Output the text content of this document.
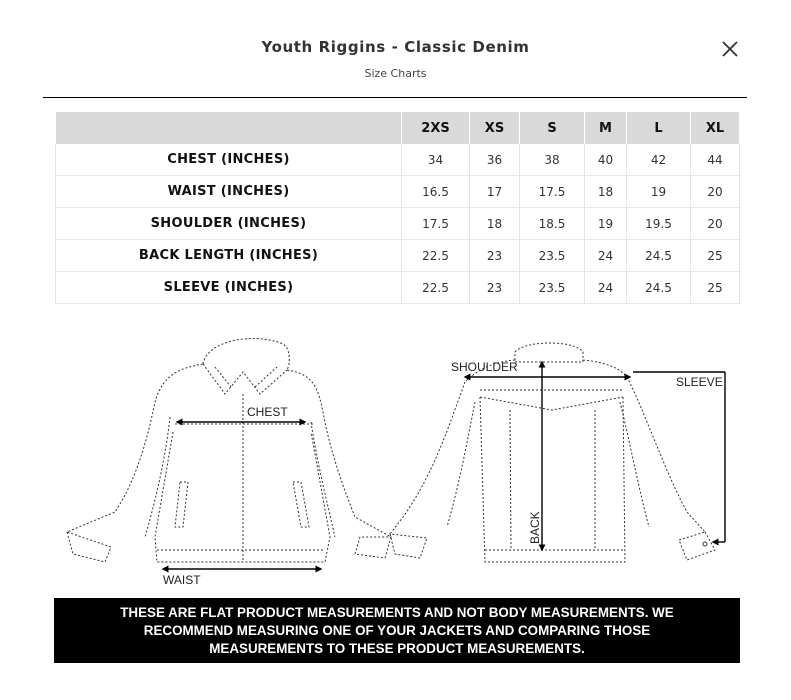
Youth Riggins - Classic Denim
Size Charts
	2XS	XS	S	M	L	XL
CHEST (INCHES)	34	36	38	40	42	44
WAIST (INCHES)	16.5	17	17.5	18	19	20
SHOULDER (INCHES)	17.5	18	18.5	19	19.5	20
BACK LENGTH (INCHES)	22.5	23	23.5	24	24.5	25
SLEEVE (INCHES)	22.5	23	23.5	24	24.5	25
CHEST
WAIST
SHOULDER
BACK
SLEEVE
THESE ARE FLAT PRODUCT MEASUREMENTS AND NOT BODY MEASUREMENTS. WE
RECOMMEND MEASURING ONE OF YOUR JACKETS AND COMPARING THOSE
MEASUREMENTS TO THESE PRODUCT MEASUREMENTS.
